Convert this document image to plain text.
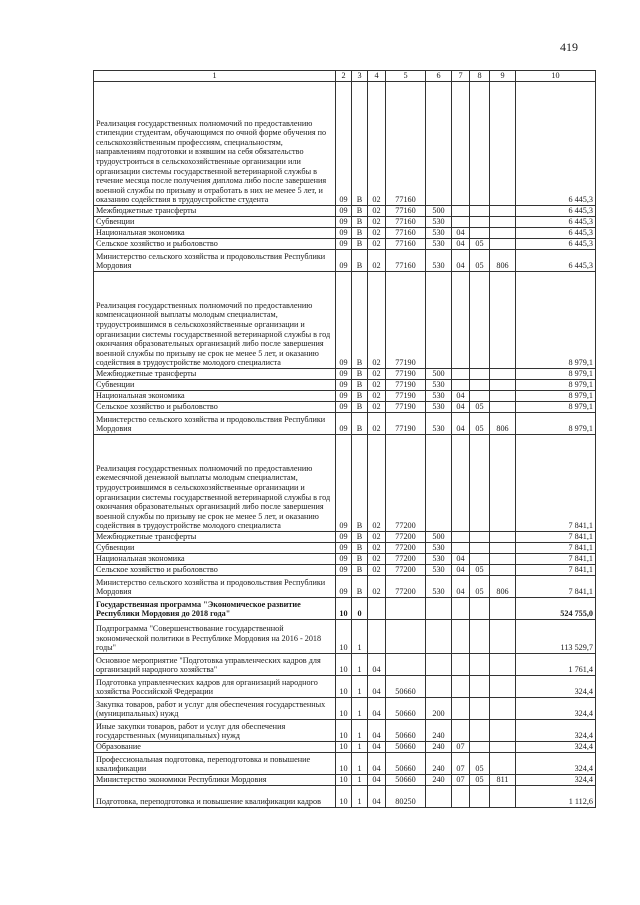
419
1	2	3	4	5	6	7	8	9	10
Реализация государственных полномочий по предоставлению стипендии студентам, обучающимся по очной форме обучения по сельскохозяйственным профессиям, специальностям, направлениям подготовки и взявшим на себя обязательство трудоустроиться в сельскохозяйственные организации или организации системы государственной ветеринарной службы в течение месяца после получения диплома либо после завершения военной службы по призыву и отработать в них не менее 5 лет, и оказанию содействия в трудоустройстве студента	09	В	02	77160					6 445,3
Межбюджетные трансферты	09	В	02	77160	500				6 445,3
Субвенции	09	В	02	77160	530				6 445,3
Национальная экономика	09	В	02	77160	530	04			6 445,3
Сельское хозяйство и рыболовство	09	В	02	77160	530	04	05		6 445,3
Министерство сельского хозяйства и продовольствия Республики Мордовия	09	В	02	77160	530	04	05	806	6 445,3
Реализация государственных полномочий по предоставлению компенсационной выплаты молодым специалистам, трудоустроившимся в сельскохозяйственные организации и организации системы государственной ветеринарной службы в год окончания образовательных организаций либо после завершения военной службы по призыву не срок не менее 5 лет, и оказанию содействия в трудоустройстве молодого специалиста	09	В	02	77190					8 979,1
Межбюджетные трансферты	09	В	02	77190	500				8 979,1
Субвенции	09	В	02	77190	530				8 979,1
Национальная экономика	09	В	02	77190	530	04			8 979,1
Сельское хозяйство и рыболовство	09	В	02	77190	530	04	05		8 979,1
Министерство сельского хозяйства и продовольствия Республики Мордовия	09	В	02	77190	530	04	05	806	8 979,1
Реализация государственных полномочий по предоставлению ежемесячной денежной выплаты молодым специалистам, трудоустроившимся в сельскохозяйственные организации и организации системы государственной ветеринарной службы в год окончания образовательных организаций либо после завершения военной службы по призыву не срок не менее 5 лет, и оказанию содействия в трудоустройстве молодого специалиста	09	В	02	77200					7 841,1
Межбюджетные трансферты	09	В	02	77200	500				7 841,1
Субвенции	09	В	02	77200	530				7 841,1
Национальная экономика	09	В	02	77200	530	04			7 841,1
Сельское хозяйство и рыболовство	09	В	02	77200	530	04	05		7 841,1
Министерство сельского хозяйства и продовольствия Республики Мордовия	09	В	02	77200	530	04	05	806	7 841,1
Государственная программа "Экономическое развитие Республики Мордовия до 2018 года"	10	0							524 755,0
Подпрограмма "Совершенствование государственной экономической политики в Республике Мордовия на 2016 - 2018 годы"	10	1							113 529,7
Основное мероприятие "Подготовка управленческих кадров для организаций народного хозяйства"	10	1	04						1 761,4
Подготовка управленческих кадров для организаций народного хозяйства Российской Федерации	10	1	04	50660					324,4
Закупка товаров, работ и услуг для обеспечения государственных (муниципальных) нужд	10	1	04	50660	200				324,4
Иные закупки товаров, работ и услуг для обеспечения государственных (муниципальных) нужд	10	1	04	50660	240				324,4
Образование	10	1	04	50660	240	07			324,4
Профессиональная подготовка, переподготовка и повышение квалификации	10	1	04	50660	240	07	05		324,4
Министерство экономики Республики Мордовия	10	1	04	50660	240	07	05	811	324,4
Подготовка, переподготовка и повышение квалификации кадров	10	1	04	80250					1 112,6
